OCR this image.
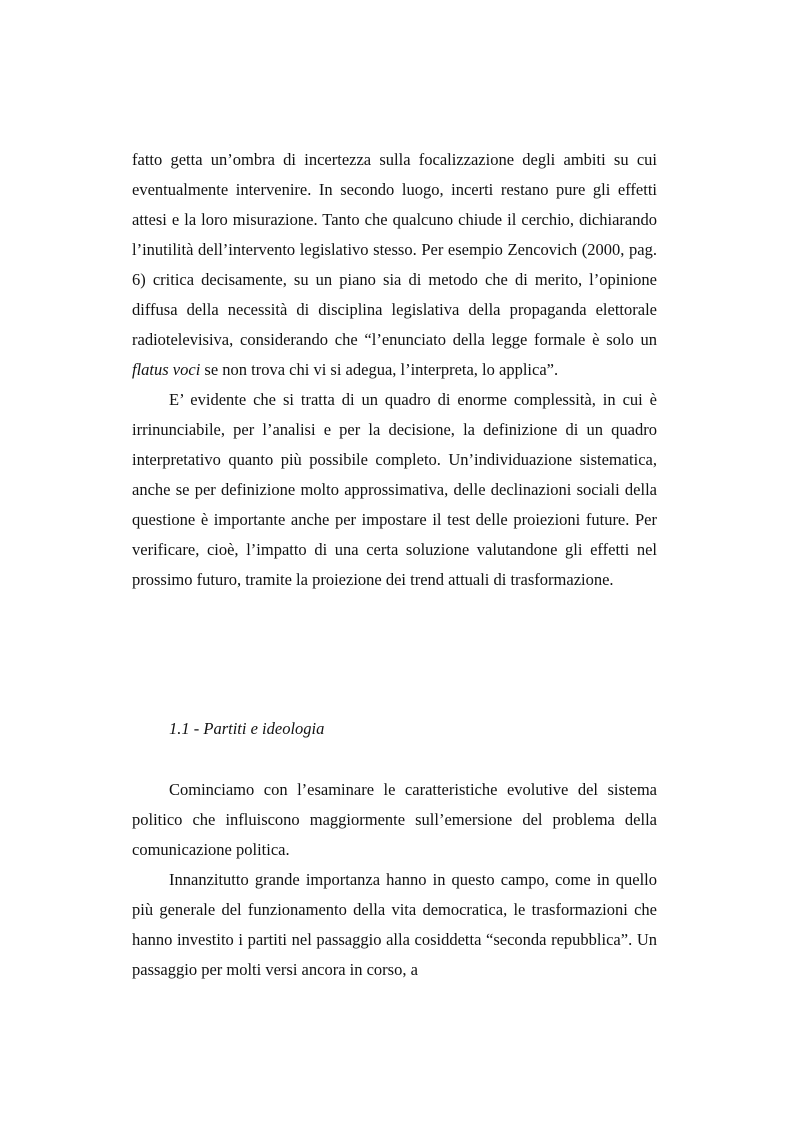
fatto getta un’ombra di incertezza sulla focalizzazione degli ambiti su cui eventualmente intervenire. In secondo luogo, incerti restano pure gli effetti attesi e la loro misurazione. Tanto che qualcuno chiude il cerchio, dichiarando l’inutilità dell’intervento legislativo stesso. Per esempio Zencovich (2000, pag. 6) critica decisamente, su un piano sia di metodo che di merito, l’opinione diffusa della necessità di disciplina legislativa della propaganda elettorale radiotelevisiva, considerando che “l’enunciato della legge formale è solo un flatus voci se non trova chi vi si adegua, l’interpreta, lo applica”.

E’ evidente che si tratta di un quadro di enorme complessità, in cui è irrinunciabile, per l’analisi e per la decisione, la definizione di un quadro interpretativo quanto più possibile completo. Un’individuazione sistematica, anche se per definizione molto approssimativa, delle declinazioni sociali della questione è importante anche per impostare il test delle proiezioni future. Per verificare, cioè, l’impatto di una certa soluzione valutandone gli effetti nel prossimo futuro, tramite la proiezione dei trend attuali di trasformazione.

1.1 - Partiti e ideologia

Cominciamo con l’esaminare le caratteristiche evolutive del sistema politico che influiscono maggiormente sull’emersione del problema della comunicazione politica.

Innanzitutto grande importanza hanno in questo campo, come in quello più generale del funzionamento della vita democratica, le trasformazioni che hanno investito i partiti nel passaggio alla cosiddetta “seconda repubblica”. Un passaggio per molti versi ancora in corso, a
